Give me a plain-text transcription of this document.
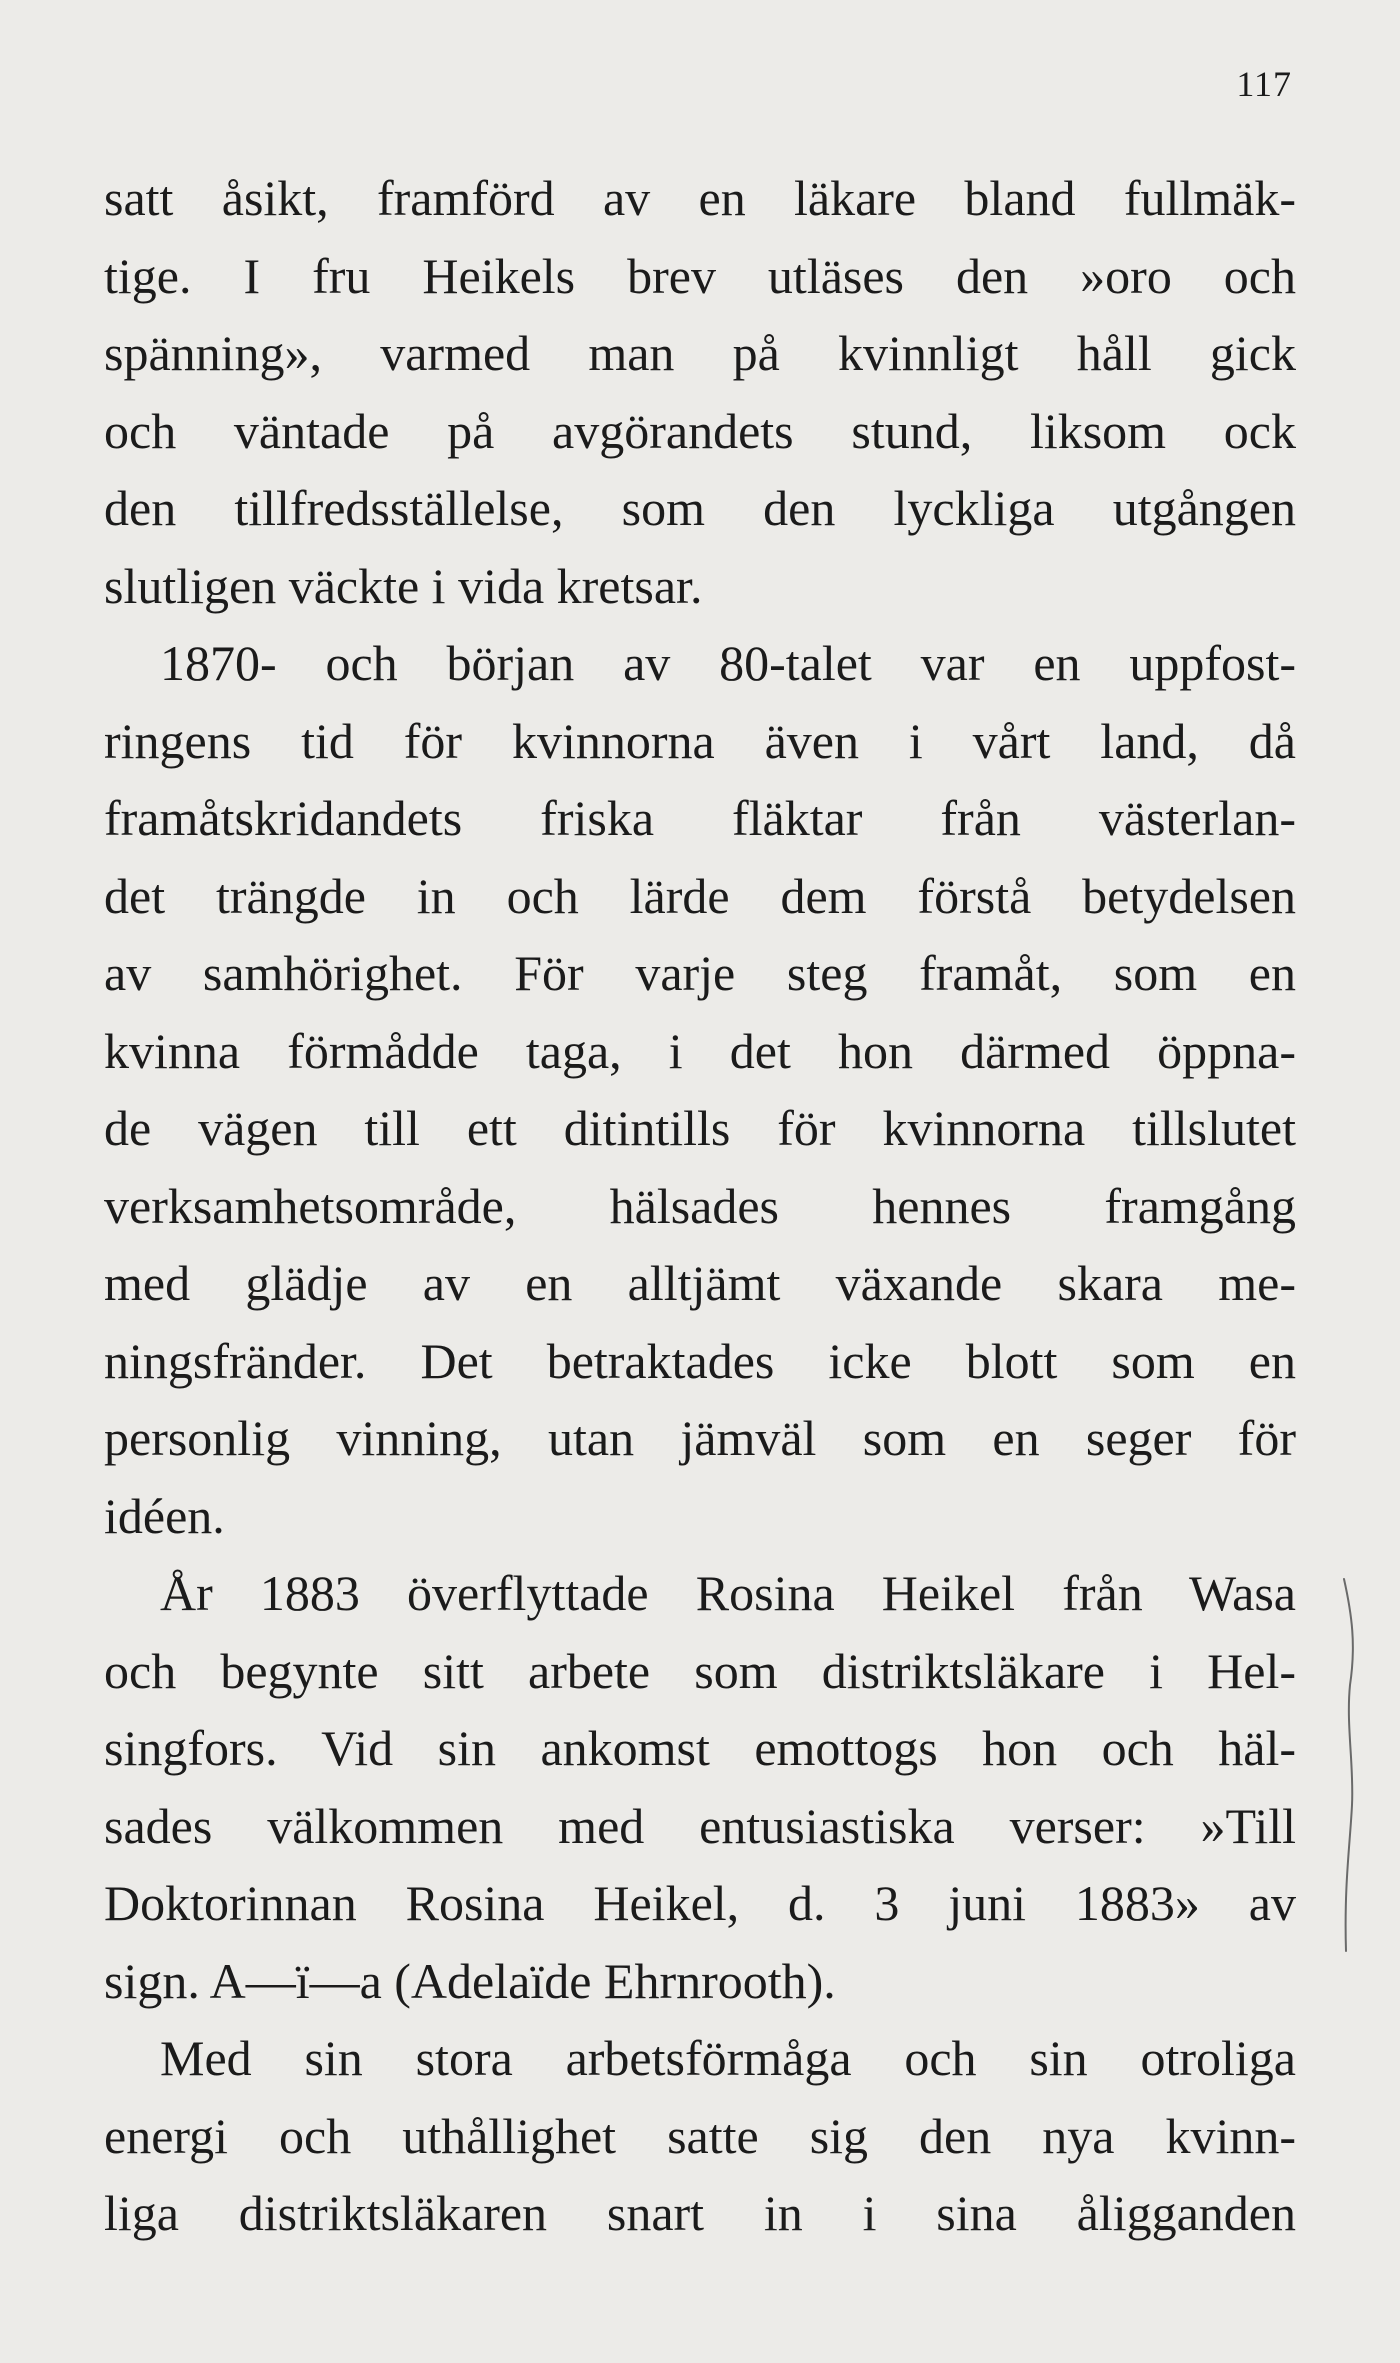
117
satt åsikt, framförd av en läkare bland fullmäk-
tige. I fru Heikels brev utläses den »oro och
spänning», varmed man på kvinnligt håll gick
och väntade på avgörandets stund, liksom ock
den tillfredsställelse, som den lyckliga utgången
slutligen väckte i vida kretsar.
1870- och början av 80-talet var en uppfost-
ringens tid för kvinnorna även i vårt land, då
framåtskridandets friska fläktar från västerlan-
det trängde in och lärde dem förstå betydelsen
av samhörighet. För varje steg framåt, som en
kvinna förmådde taga, i det hon därmed öppna-
de vägen till ett ditintills för kvinnorna tillslutet
verksamhetsområde, hälsades hennes framgång
med glädje av en alltjämt växande skara me-
ningsfränder. Det betraktades icke blott som en
personlig vinning, utan jämväl som en seger för
idéen.
År 1883 överflyttade Rosina Heikel från Wasa
och begynte sitt arbete som distriktsläkare i Hel-
singfors. Vid sin ankomst emottogs hon och häl-
sades välkommen med entusiastiska verser: »Till
Doktorinnan Rosina Heikel, d. 3 juni 1883» av
sign. A—ï—a (Adelaïde Ehrnrooth).
Med sin stora arbetsförmåga och sin otroliga
energi och uthållighet satte sig den nya kvinn-
liga distriktsläkaren snart in i sina åligganden
